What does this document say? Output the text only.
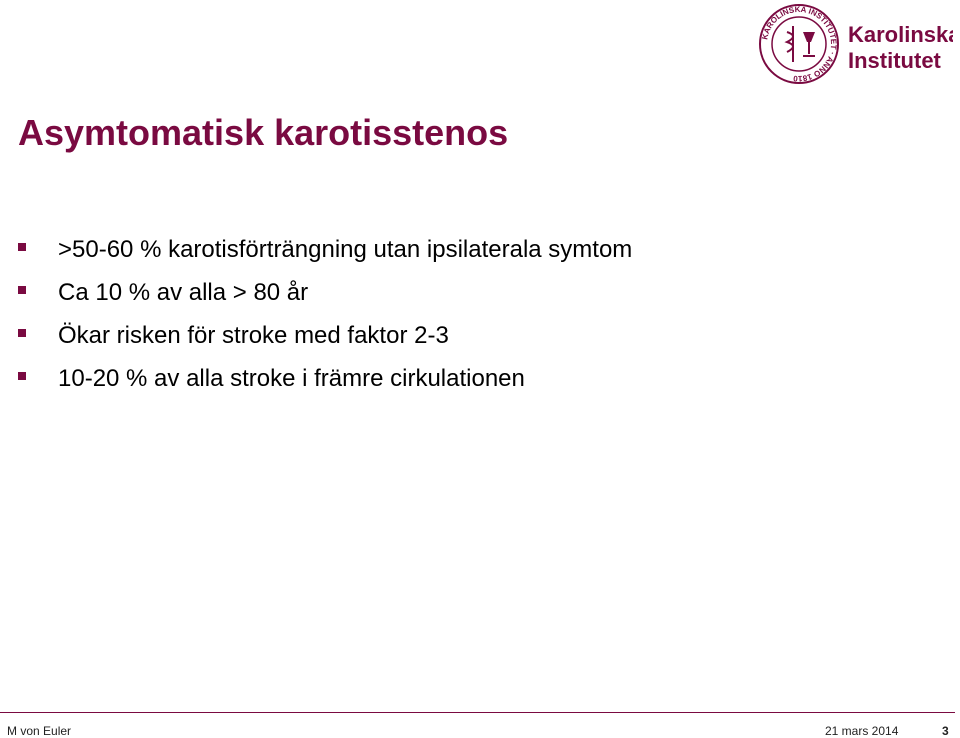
KAROLINSKA INSTITUTET · ANNO 1810
Karolinska
Institutet
Asymtomatisk karotisstenos
>50-60 % karotisförträngning utan ipsilaterala symtom
Ca 10 % av alla > 80 år
Ökar risken för stroke med faktor 2-3
10-20 % av alla stroke i främre cirkulationen
M von Euler	21 mars 2014	3
